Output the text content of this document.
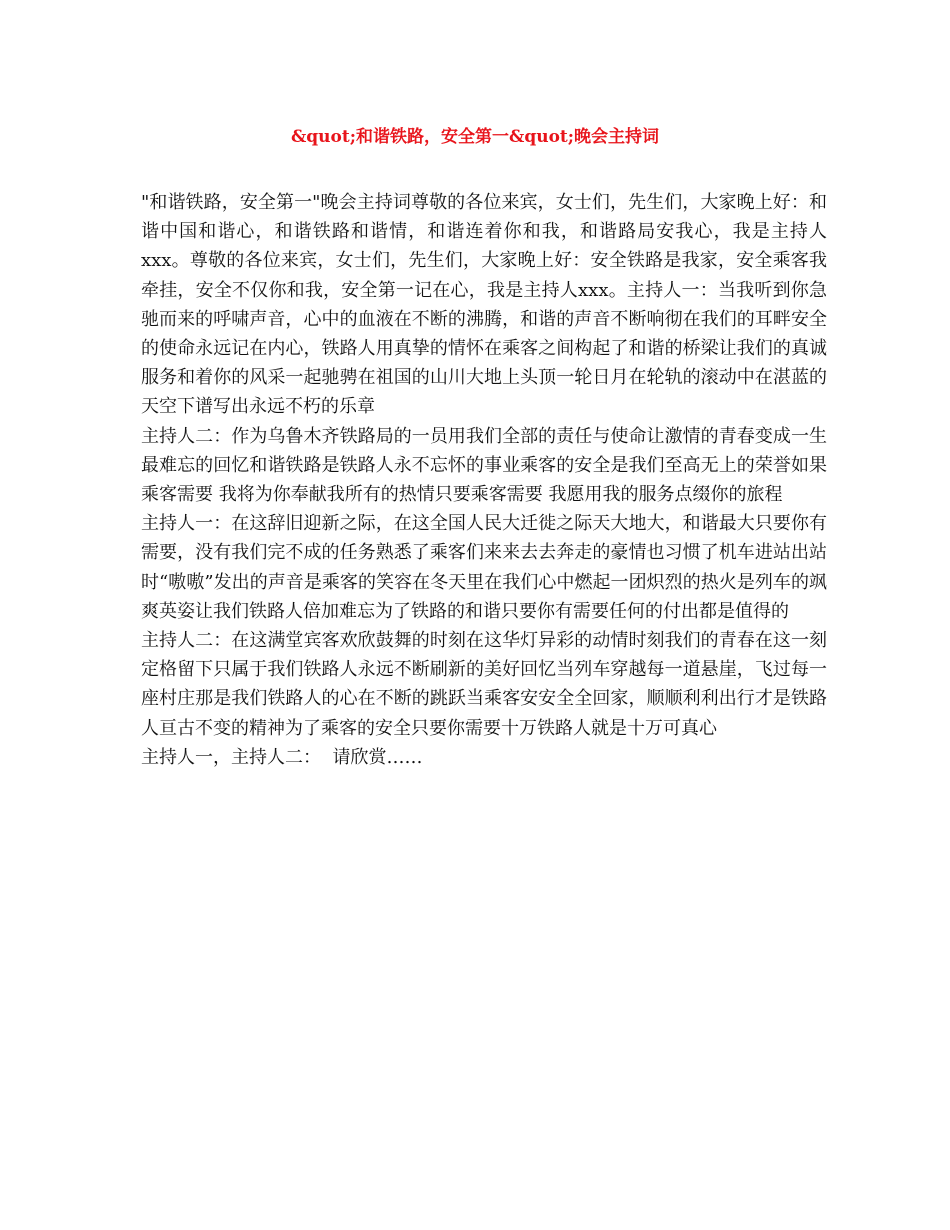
&quot;和谐铁路，安全第一&quot;晚会主持词

"和谐铁路，安全第一"晚会主持词尊敬的各位来宾，女士们，先生们，大家晚上好：和谐中国和谐心，和谐铁路和谐情，和谐连着你和我，和谐路局安我心，我是主持人xxx。尊敬的各位来宾，女士们，先生们，大家晚上好：安全铁路是我家，安全乘客我牵挂，安全不仅你和我，安全第一记在心，我是主持人xxx。主持人一：当我听到你急驰而来的呼啸声音，心中的血液在不断的沸腾，和谐的声音不断响彻在我们的耳畔安全的使命永远记在内心，铁路人用真挚的情怀在乘客之间构起了和谐的桥梁让我们的真诚服务和着你的风采一起驰骋在祖国的山川大地上头顶一轮日月在轮轨的滚动中在湛蓝的天空下谱写出永远不朽的乐章

主持人二：作为乌鲁木齐铁路局的一员用我们全部的责任与使命让激情的青春变成一生最难忘的回忆和谐铁路是铁路人永不忘怀的事业乘客的安全是我们至高无上的荣誉如果乘客需要 我将为你奉献我所有的热情只要乘客需要 我愿用我的服务点缀你的旅程

主持人一：在这辞旧迎新之际，在这全国人民大迁徙之际天大地大，和谐最大只要你有需要，没有我们完不成的任务熟悉了乘客们来来去去奔走的豪情也习惯了机车进站出站时“嗷嗷”发出的声音是乘客的笑容在冬天里在我们心中燃起一团炽烈的热火是列车的飒爽英姿让我们铁路人倍加难忘为了铁路的和谐只要你有需要任何的付出都是值得的

主持人二：在这满堂宾客欢欣鼓舞的时刻在这华灯异彩的动情时刻我们的青春在这一刻定格留下只属于我们铁路人永远不断刷新的美好回忆当列车穿越每一道悬崖，飞过每一座村庄那是我们铁路人的心在不断的跳跃当乘客安安全全回家，顺顺利利出行才是铁路人亘古不变的精神为了乘客的安全只要你需要十万铁路人就是十万可真心

主持人一，主持人二：  请欣赏……
